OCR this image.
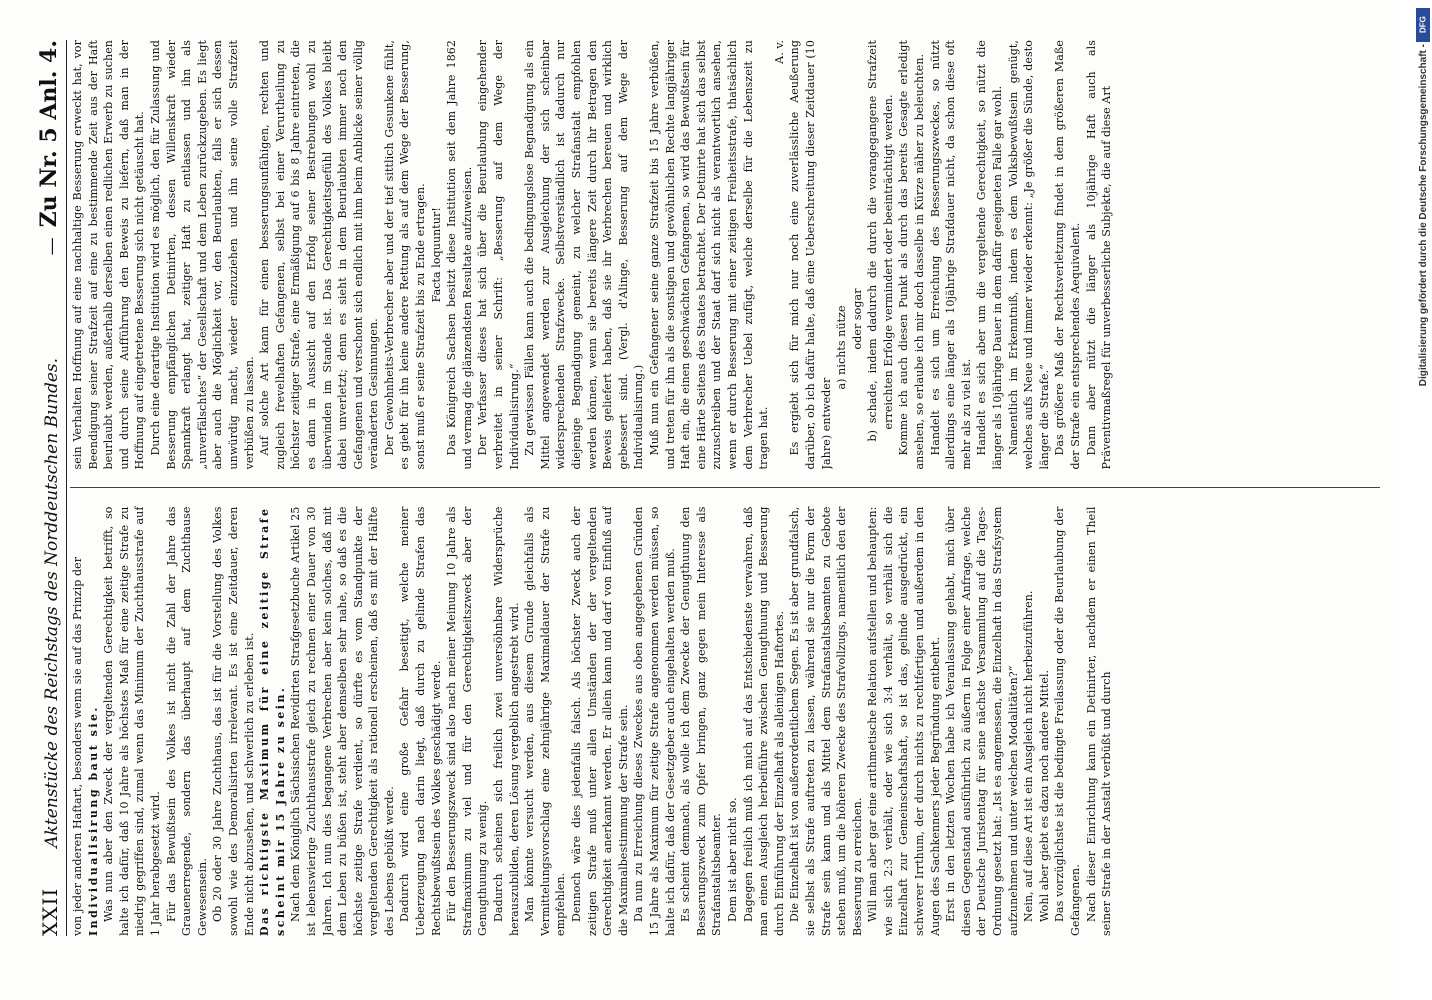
XXII
Aktenstücke des Reichstags des Norddeutschen Bundes.
—
Zu Nr. 5 Anl. 4.

von jeder anderen Haftart, besonders wenn sie auf das Prinzip der Individualisirung baut sie. Was nun aber den Zweck der vergeltenden Gerechtigkeit betrifft, so halte ich dafür, daß 10 Jahre als höchstes Maß für eine zeitige Strafe zu niedrig gegriffen sind, zumal wenn das Minimum der Zuchthausstrafe auf 1 Jahr herabgesetzt wird. Für das Bewußtsein des Volkes ist nicht die Zahl der Jahre das Grauenerregende, sondern das überhaupt auf dem Zuchthause Gewesensein. Ob 20 oder 30 Jahre Zuchthaus, das ist für die Vorstellung des Volkes sowohl wie des Demoralisirten irrelevant. Es ist eine Zeitdauer, deren Ende nicht abzusehen, und schwerlich zu erleben ist. Das richtigste Maximum für eine zeitige Strafe scheint mir 15 Jahre zu sein. Nach dem Königlich Sächsischen Revidirten Strafgesetzbuche Artikel 25 ist lebenswierige Zuchthausstrafe gleich zu rechnen einer Dauer von 30 Jahren. Ich nun dies begangene Verbrechen aber kein solches, daß mit dem Leben zu büßen ist, steht aber demselben sehr nahe, so daß es die höchste zeitige Strafe verdient, so dürfte es vom Standpunkte der vergeltenden Gerechtigkeit als rationell erscheinen, daß es mit der Hälfte des Lebens gebüßt werde. Dadurch wird eine große Gefahr beseitigt, welche meiner Ueberzeugung nach darin liegt, daß durch zu gelinde Strafen das Rechtsbewußtsein des Volkes geschädigt werde. Für den Besserungszweck sind also nach meiner Meinung 10 Jahre als Strafmaximum zu viel und für den Gerechtigkeitszweck aber der Genugthuung zu wenig. Dadurch scheinen sich freilich zwei unversöhnbare Widersprüche herauszubilden, deren Lösung vergeblich angestrebt wird. Man könnte versucht werden, aus diesem Grunde gleichfalls als Vermittelungsvorschlag eine zehnjährige Maximaldauer der Strafe zu empfehlen. Dennoch wäre dies jedenfalls falsch. Als höchster Zweck auch der zeitigen Strafe muß unter allen Umständen der der vergeltenden Gerechtigkeit anerkannt werden. Er allein kann und darf von Einfluß auf die Maximalbestimmung der Strafe sein. Da nun zu Erreichung dieses Zweckes aus oben angegebenen Gründen 15 Jahre als Maximum für zeitige Strafe angenommen werden müssen, so halte ich dafür, daß der Gesetzgeber auch eingehalten werden muß. Es scheint demnach, als wolle ich dem Zwecke der Genugthuung den Besserungszweck zum Opfer bringen, ganz gegen mein Interesse als Strafanstaltsbeamter. Dem ist aber nicht so. Dagegen freilich muß ich mich auf das Entschiedenste verwahren, daß man einen Ausgleich herbeiführe zwischen Genugthuung und Besserung durch Einführung der Einzelhaft als alleinigen Haftortes. Die Einzelhaft ist von außerordentlichem Segen. Es ist aber grundfalsch, sie selbst als Strafe auftreten zu lassen, während sie nur die Form der Strafe sein kann und als Mittel dem Strafanstaltsbeamten zu Gebote stehen muß, um die höheren Zwecke des Strafvollzugs, namentlich den der Besserung zu erreichen. Will man aber gar eine arithmetische Relation aufstellen und behaupten: wie sich 2:3 verhält, oder wie sich 3:4 verhält, so verhält sich die Einzelhaft zur Gemeinschaftshaft, so ist das, gelinde ausgedrückt, ein schwerer Irrthum, der durch nichts zu rechtfertigen und außerdem in den Augen des Sachkenners jeder Begründung entbehrt. Erst in den letzten Wochen habe ich Veranlassung gehabt, mich über diesen Gegenstand ausführlich zu äußern in Folge einer Anfrage, welche der Deutsche Juristentag für seine nächste Versammlung auf die Tages-Ordnung gesetzt hat: „Ist es angemessen, die Einzelhaft in das Strafsystem aufzunehmen und unter welchen Modalitäten?“ Nein, auf diese Art ist ein Ausgleich nicht herbeizuführen. Wohl aber giebt es dazu noch andere Mittel. Das vorzüglichste ist die bedingte Freilassung oder die Beurlaubung der Gefangenen. Nach dieser Einrichtung kann ein Detinirter, nachdem er einen Theil seiner Strafe in der Anstalt verbüßt und durch

sein Verhalten Hoffnung auf eine nachhaltige Besserung erweckt hat, vor Beendigung seiner Strafzeit auf eine zu bestimmende Zeit aus der Haft beurlaubt werden, außerhalb derselben einen redlichen Erwerb zu suchen und durch seine Aufführung den Beweis zu liefern, daß man in der Hoffnung auf eingetretene Besserung sich nicht getäuscht hat. Durch eine derartige Institution wird es möglich, den für Zulassung und Besserung empfänglichen Detinirten, dessen Willenskraft wieder Spannkraft erlangt hat, zeitiger Haft zu entlassen und ihn als „unverfälschtes“ der Gesellschaft und dem Leben zurückzugeben. Es liegt aber auch die Möglichkeit vor, den Beurlaubten, falls er sich dessen unwürdig macht, wieder einzuziehen und ihn seine volle Strafzeit verbüßen zu lassen. Auf solche Art kann für einen besserungsunfähigen, rechten und zugleich frevelhaften Gefangenen, selbst bei einer Verurtheilung zu höchster zeitiger Strafe, eine Ermäßigung auf 6 bis 8 Jahre eintreten, die es dann in Aussicht auf den Erfolg seiner Bestrebungen wohl zu überwinden im Stande ist. Das Gerechtigkeitsgefühl des Volkes bleibt dabei unverletzt; denn es sieht in dem Beurlaubten immer noch den Gefangenen und verschont sich endlich mit ihm beim Anblicke seiner völlig veränderten Gesinnungen. Der Gewohnheits-Verbrecher aber und der tief sittlich Gesunkene fühlt, es giebt für ihn keine andere Rettung als auf dem Wege der Besserung, sonst muß er seine Strafzeit bis zu Ende ertragen. Facta loquuntur! Das Königreich Sachsen besitzt diese Institution seit dem Jahre 1862 und vermag die glänzendsten Resultate aufzuweisen. Der Verfasser dieses hat sich über die Beurlaubung eingehender verbreitet in seiner Schrift: „Besserung auf dem Wege der Individualisirung.“ Zu gewissen Fällen kann auch die bedingungslose Begnadigung als ein Mittel angewendet werden zur Ausgleichung der sich scheinbar widersprechenden Strafzwecke. Selbstverständlich ist dadurch nur diejenige Begnadigung gemeint, zu welcher Strafanstalt empfohlen werden können, wenn sie bereits längere Zeit durch ihr Betragen den Beweis geliefert haben, daß sie ihr Verbrechen bereuen und wirklich gebessert sind. (Vergl. d'Alinge, Besserung auf dem Wege der Individualisirung.) Muß nun ein Gefangener seine ganze Strafzeit bis 15 Jahre verbüßen, und treten für ihn als die sonstigen und gewöhnlichen Rechte langjähriger Haft ein, die einen geschwächten Gefangenen, so wird das Bewußtsein für eine Härte Seitens des Staates betrachtet. Der Detinirte hat sich das selbst zuzuschreiben und der Staat darf sich nicht als verantwortlich ansehen, wenn er durch Besserung mit einer zeitigen Freiheitsstrafe, thatsächlich dem Verbrecher Uebel zufügt, welche derselbe für die Lebenszeit zu tragen hat.

A. v. Es ergiebt sich für mich nur noch eine zuverlässliche Aeußerung darüber, ob ich dafür halte, daß eine Ueberschreitung dieser Zeitdauer (10 Jahre) entweder

a) nichts nütze oder sogar b) schade, indem dadurch die durch die vorangegangene Strafzeit erreichten Erfolge vermindert oder beeinträchtigt werden. Komme ich auch diesen Punkt als durch das bereits Gesagte erledigt ansehen, so erlaube ich mir doch dasselbe in Kürze näher zu beleuchten. Handelt es sich um Erreichung des Besserungszweckes, so nützt allerdings eine länger als 10jährige Strafdauer nicht, da schon diese oft mehr als zu viel ist. Handelt es sich aber um die vergeltende Gerechtigkeit, so nützt die länger als 10jährige Dauer in dem dafür geeigneten Falle gar wohl. Namentlich im Erkenntniß, indem es dem Volksbewußtsein genügt, welches aufs Neue und immer wieder erkennt: „Je größer die Sünde, desto länger die Strafe.“ Das größere Maß der Rechtsverletzung findet in dem größeren Maße der Strafe ein entsprechendes Aequivalent. Dann aber nützt die länger als 10jährige Haft auch als Präventivmaßregel für unverbesserliche Subjekte, die auf diese Art

DFG
Digitalisierung gefördert durch die Deutsche Forschungsgemeinschaft -
